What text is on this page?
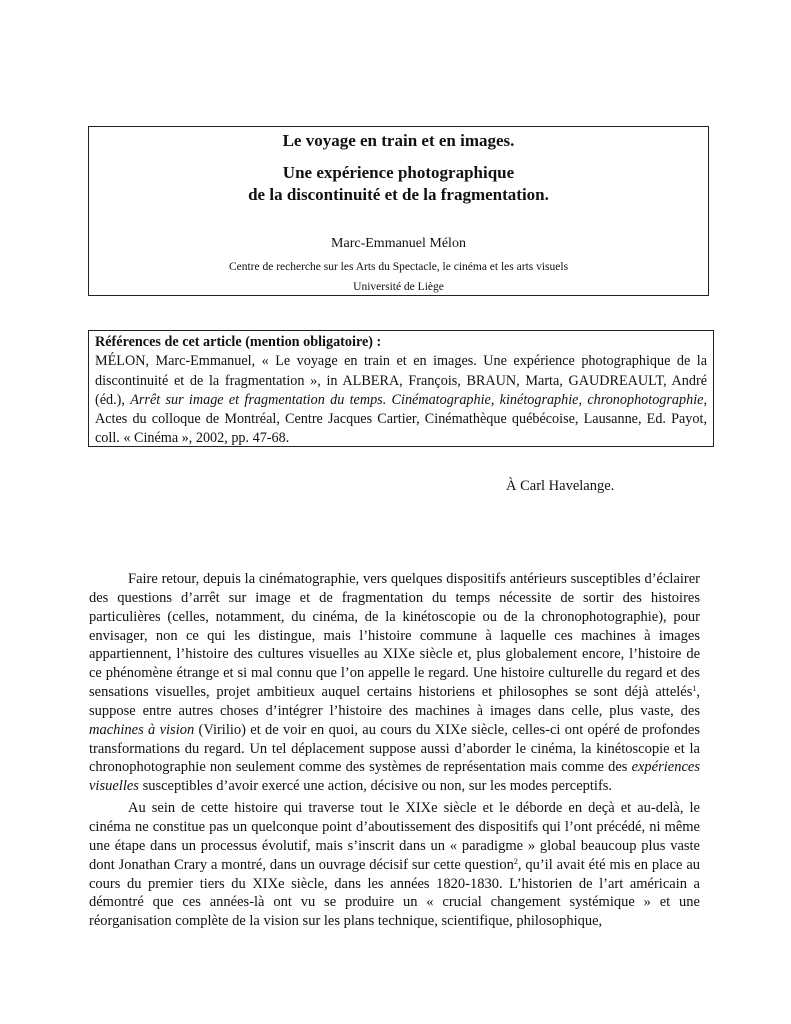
Le voyage en train et en images.
Une expérience photographique
de la discontinuité et de la fragmentation.
Marc-Emmanuel Mélon
Centre de recherche sur les Arts du Spectacle, le cinéma et les arts visuels
Université de Liège
Références de cet article (mention obligatoire) :
MÉLON, Marc-Emmanuel, « Le voyage en train et en images. Une expérience photographique de la discontinuité et de la fragmentation », in ALBERA, François, BRAUN, Marta, GAUDREAULT, André (éd.), Arrêt sur image et fragmentation du temps. Cinématographie, kinétographie, chronophotographie, Actes du colloque de Montréal, Centre Jacques Cartier, Cinémathèque québécoise, Lausanne, Ed. Payot, coll. « Cinéma », 2002, pp. 47-68.
À Carl Havelange.

Faire retour, depuis la cinématographie, vers quelques dispositifs antérieurs susceptibles d’éclairer des questions d’arrêt sur image et de fragmentation du temps nécessite de sortir des histoires particulières (celles, notamment, du cinéma, de la kinétoscopie ou de la chronophotographie), pour envisager, non ce qui les distingue, mais l’histoire commune à laquelle ces machines à images appartiennent, l’histoire des cultures visuelles au XIXe siècle et, plus globalement encore, l’histoire de ce phénomène étrange et si mal connu que l’on appelle le regard. Une histoire culturelle du regard et des sensations visuelles, projet ambitieux auquel certains historiens et philosophes se sont déjà attelés$^1$, suppose entre autres choses d’intégrer l’histoire des machines à images dans celle, plus vaste, des machines à vision (Virilio) et de voir en quoi, au cours du XIXe siècle, celles-ci ont opéré de profondes transformations du regard. Un tel déplacement suppose aussi d’aborder le cinéma, la kinétoscopie et la chronophotographie non seulement comme des systèmes de représentation mais comme des expériences visuelles susceptibles d’avoir exercé une action, décisive ou non, sur les modes perceptifs.

Au sein de cette histoire qui traverse tout le XIXe siècle et le déborde en deçà et au-delà, le cinéma ne constitue pas un quelconque point d’aboutissement des dispositifs qui l’ont précédé, ni même une étape dans un processus évolutif, mais s’inscrit dans un « paradigme » global beaucoup plus vaste dont Jonathan Crary a montré, dans un ouvrage décisif sur cette question$^2$, qu’il avait été mis en place au cours du premier tiers du XIXe siècle, dans les années 1820-1830. L’historien de l’art américain a démontré que ces années-là ont vu se produire un « crucial changement systémique » et une réorganisation complète de la vision sur les plans technique, scientifique, philosophique,
